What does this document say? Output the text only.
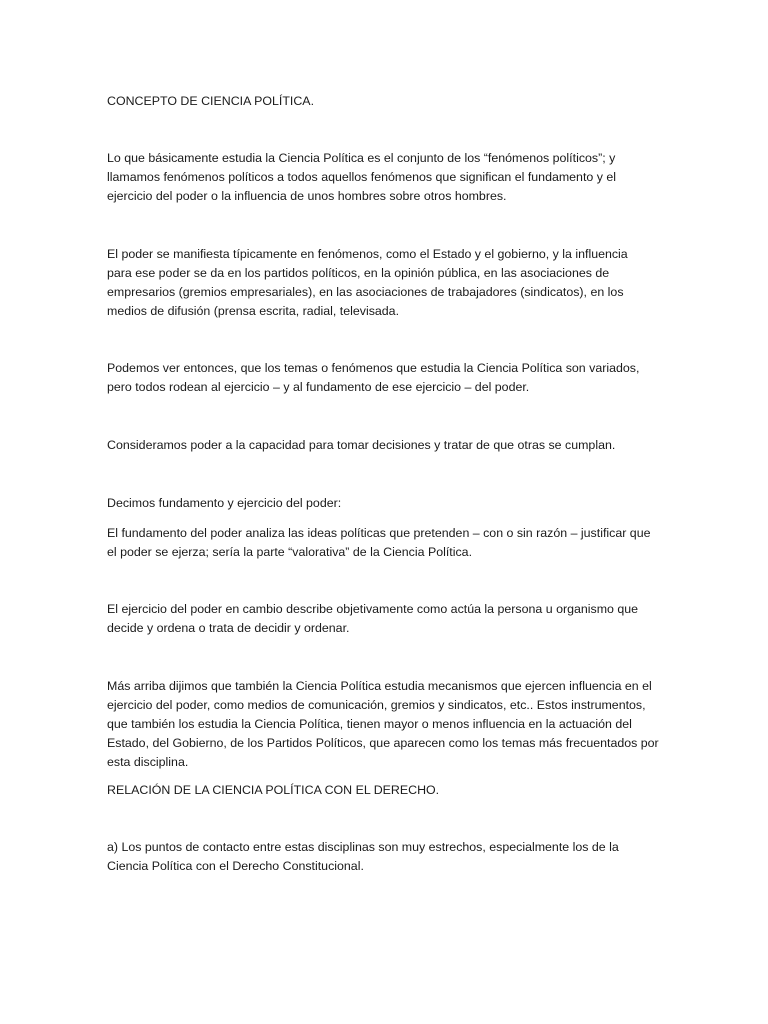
CONCEPTO DE CIENCIA POLÍTICA.

Lo que básicamente estudia la Ciencia Política es el conjunto de los “fenómenos políticos”; y

llamamos fenómenos políticos a todos aquellos fenómenos que significan el fundamento y el

ejercicio del poder o la influencia de unos hombres sobre otros hombres.

El poder se manifiesta típicamente en fenómenos, como el Estado y el gobierno, y la influencia

para ese poder se da en los partidos políticos, en la opinión pública, en las asociaciones de

empresarios (gremios empresariales), en las asociaciones de trabajadores (sindicatos), en los

medios de difusión (prensa escrita, radial, televisada.

Podemos ver entonces, que los temas o fenómenos que estudia la Ciencia Política son variados,

pero todos rodean al ejercicio – y al fundamento de ese ejercicio – del poder.

Consideramos poder a la capacidad para tomar decisiones y tratar de que otras se cumplan.

Decimos fundamento y ejercicio del poder:

El fundamento del poder analiza las ideas políticas que pretenden – con o sin razón – justificar que

el poder se ejerza; sería la parte “valorativa” de la Ciencia Política.

El ejercicio del poder en cambio describe objetivamente como actúa la persona u organismo que

decide y ordena o trata de decidir y ordenar.

Más arriba dijimos que también la Ciencia Política estudia mecanismos que ejercen influencia en el

ejercicio del poder, como medios de comunicación, gremios y sindicatos, etc.. Estos instrumentos,

que también los estudia la Ciencia Política, tienen mayor o menos influencia en la actuación del

Estado, del Gobierno, de los Partidos Políticos, que aparecen como los temas más frecuentados por

esta disciplina.

RELACIÓN DE LA CIENCIA POLÍTICA CON EL DERECHO.

a) Los puntos de contacto entre estas disciplinas son muy estrechos, especialmente los de la

Ciencia Política con el Derecho Constitucional.
